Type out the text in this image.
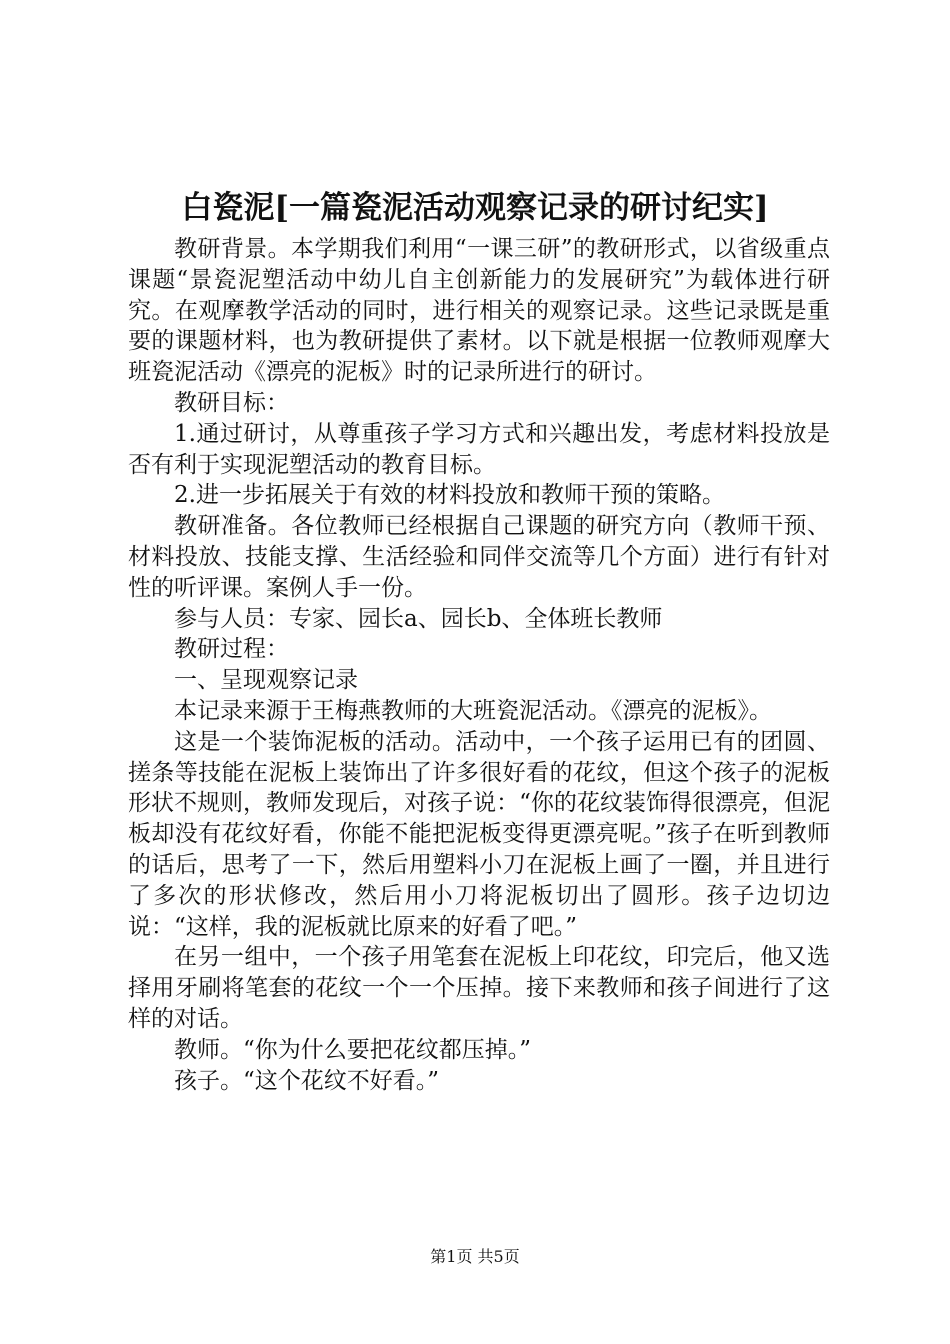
白瓷泥[一篇瓷泥活动观察记录的研讨纪实]

教研背景。本学期我们利用“一课三研”的教研形式，以省级重点课题“景瓷泥塑活动中幼儿自主创新能力的发展研究”为载体进行研究。在观摩教学活动的同时，进行相关的观察记录。这些记录既是重要的课题材料，也为教研提供了素材。以下就是根据一位教师观摩大班瓷泥活动《漂亮的泥板》时的记录所进行的研讨。

教研目标：

1.通过研讨，从尊重孩子学习方式和兴趣出发，考虑材料投放是否有利于实现泥塑活动的教育目标。

2.进一步拓展关于有效的材料投放和教师干预的策略。

教研准备。各位教师已经根据自己课题的研究方向（教师干预、材料投放、技能支撑、生活经验和同伴交流等几个方面）进行有针对性的听评课。案例人手一份。

参与人员：专家、园长a、园长b、全体班长教师

教研过程：

一、呈现观察记录

本记录来源于王梅燕教师的大班瓷泥活动。《漂亮的泥板》。

这是一个装饰泥板的活动。活动中，一个孩子运用已有的团圆、搓条等技能在泥板上装饰出了许多很好看的花纹，但这个孩子的泥板形状不规则，教师发现后，对孩子说：“你的花纹装饰得很漂亮，但泥板却没有花纹好看，你能不能把泥板变得更漂亮呢。”孩子在听到教师的话后，思考了一下，然后用塑料小刀在泥板上画了一圈，并且进行了多次的形状修改，然后用小刀将泥板切出了圆形。孩子边切边说：“这样，我的泥板就比原来的好看了吧。”

在另一组中，一个孩子用笔套在泥板上印花纹，印完后，他又选择用牙刷将笔套的花纹一个一个压掉。接下来教师和孩子间进行了这样的对话。

教师。“你为什么要把花纹都压掉。”

孩子。“这个花纹不好看。”

第1页 共5页
